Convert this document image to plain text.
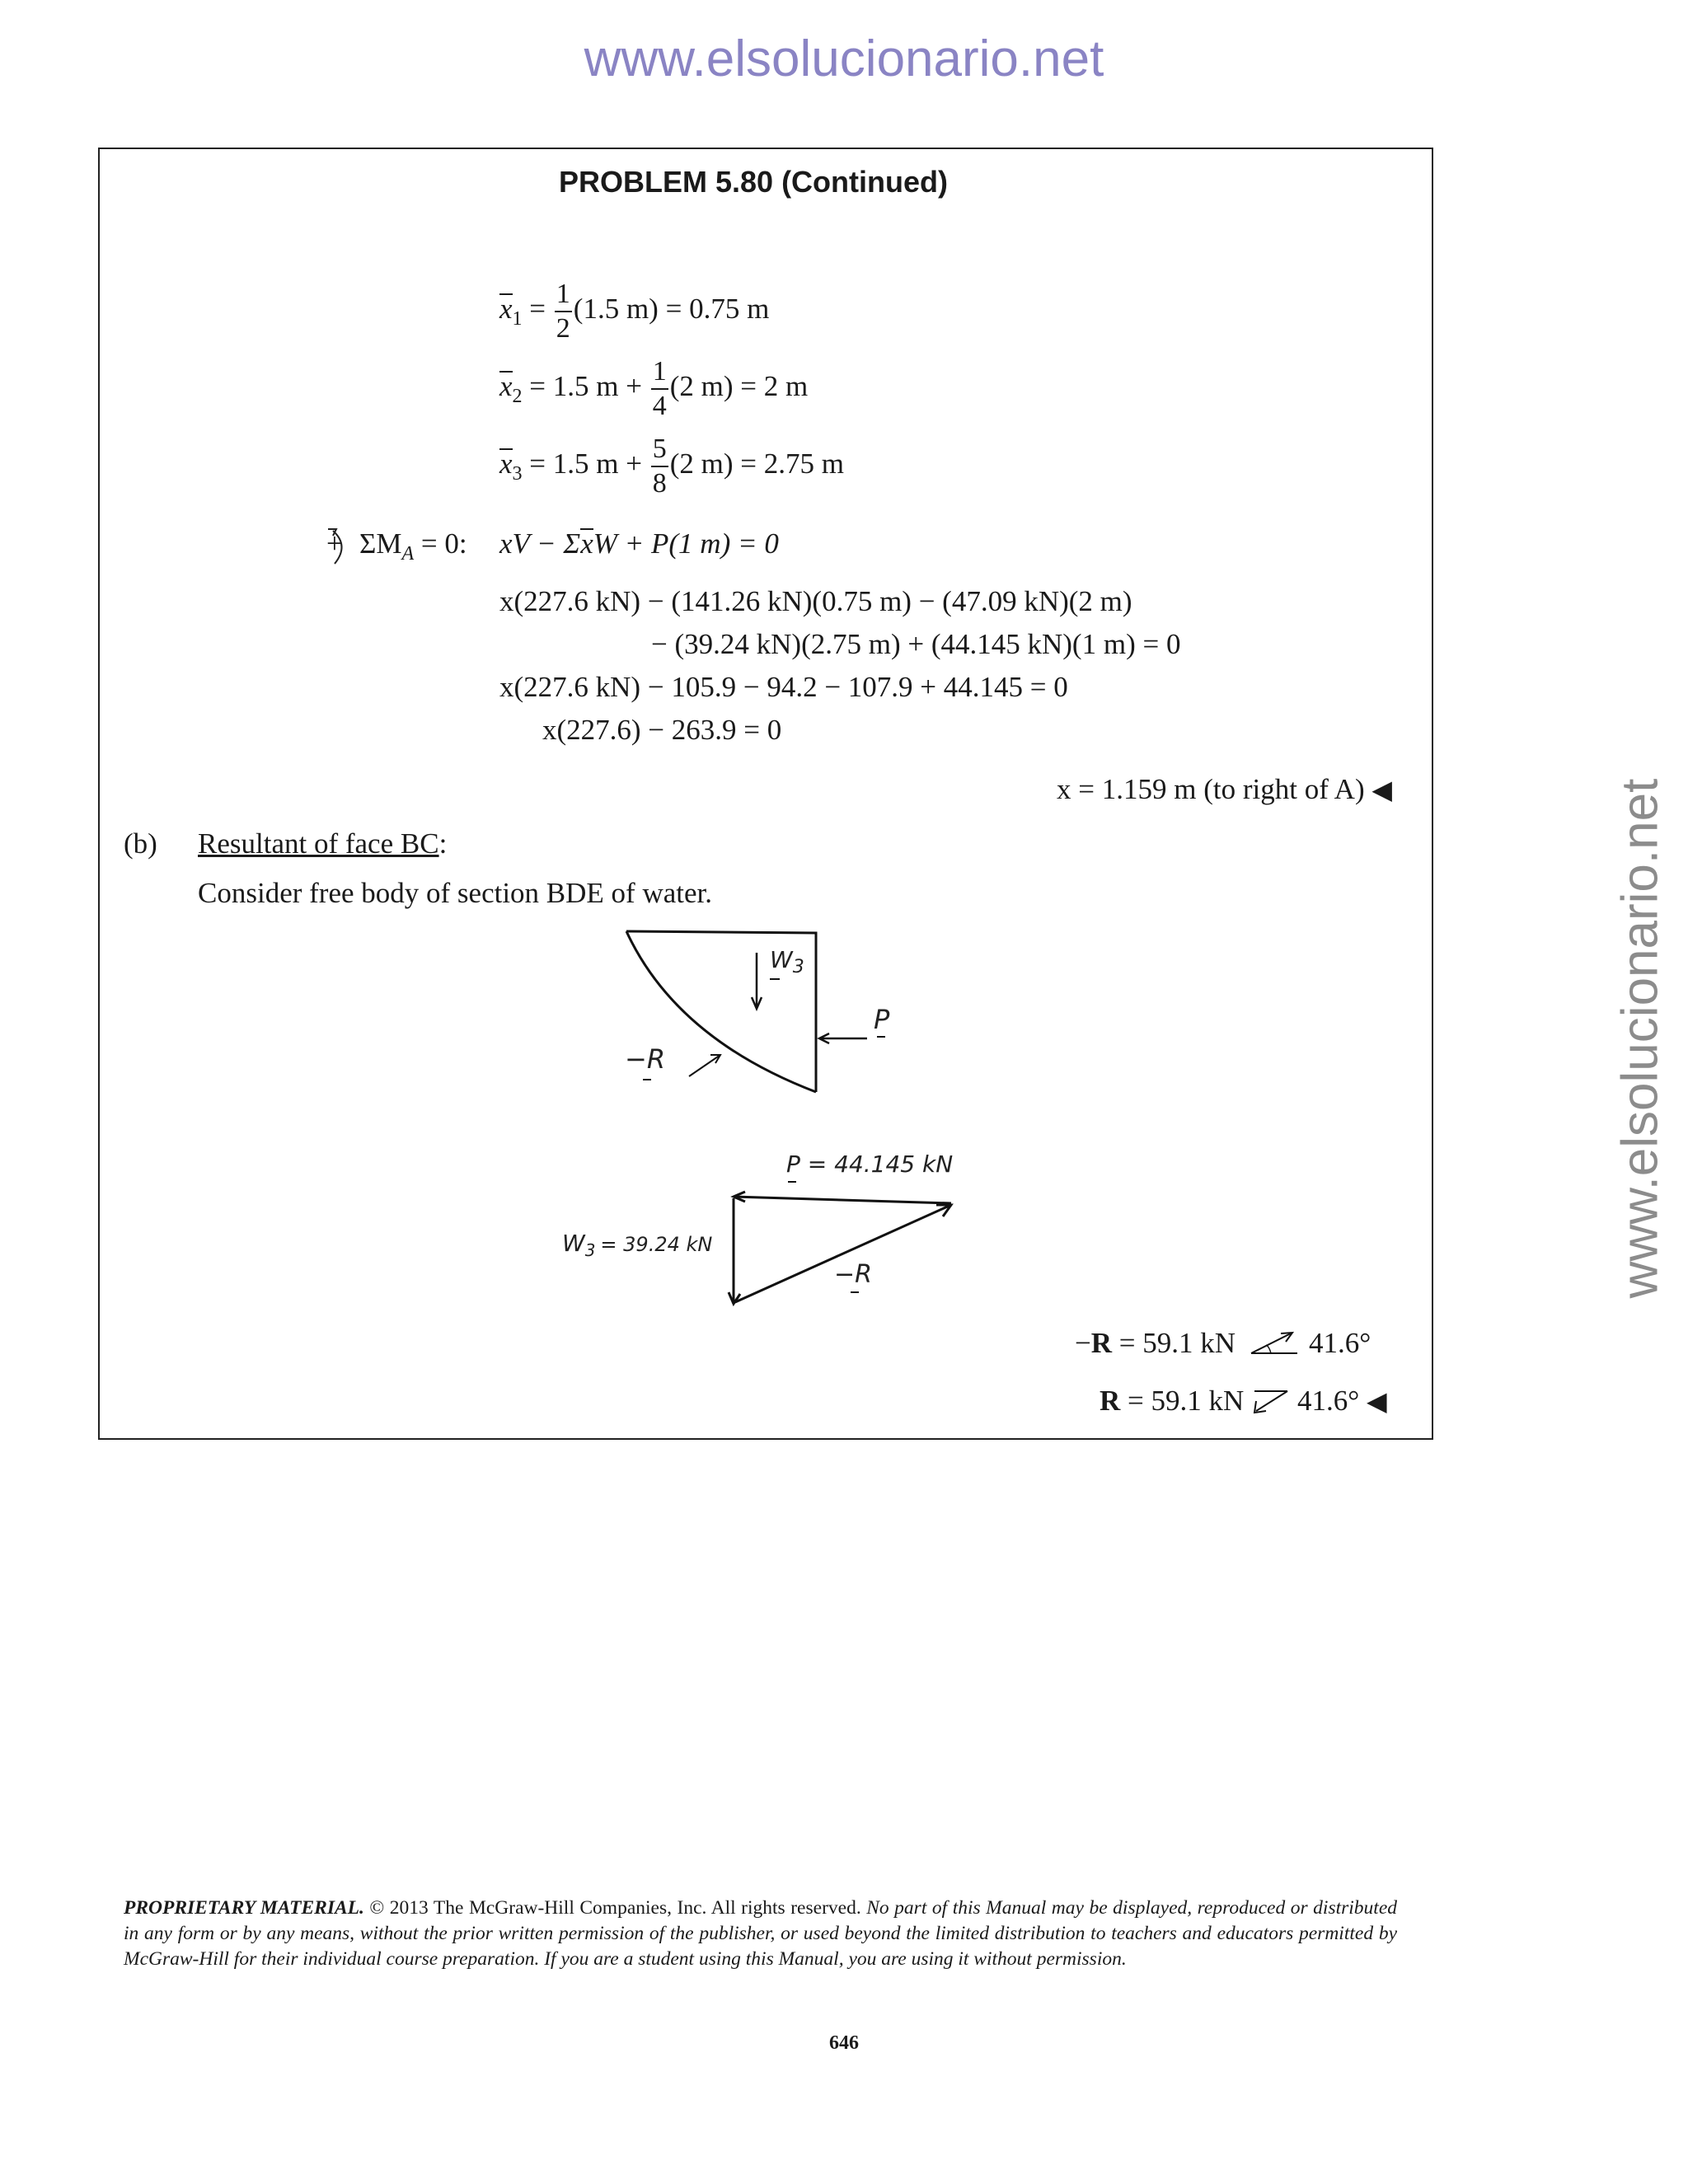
www.elsolucionario.net
www.elsolucionario.net
PROBLEM 5.80 (Continued)
$x_1 = \frac{1}{2} (1.5$ m) = 0.75 m
$x_2 = 1.5$ $m + \frac{1}{4} (2$ m) = 2 m
$x_3 = 1.5$ $m + \frac{5}{8} (2$ m) = 2.75 m
+ $\Sigma M_A = 0$: xV − ΣxW + P(1 m) = 0
x(227.6 kN) − (141.26 kN)(0.75 m) − (47.09 kN)(2 m)
− (39.24 kN)(2.75 m) + (44.145 kN)(1 m) = 0
x(227.6 kN) − 105.9 − 94.2 − 107.9 + 44.145 = 0
x(227.6) − 263.9 = 0
x = 1.159 m (to right of A) ◀
(b) Resultant of face BC:
Consider free body of section BDE of water.
$W_3$
P
−R
P = 44.145 kN
$W_3 = 39.24$ kN
−R
−R = 59.1 kN	41.6°
R = 59.1 kN 41.6° ◀
PROPRIETARY MATERIAL. © 2013 The McGraw-Hill Companies, Inc. All rights reserved. No part of this Manual may be displayed, reproduced or distributed in any form or by any means, without the prior written permission of the publisher, or used beyond the limited distribution to teachers and educators permitted by McGraw-Hill for their individual course preparation. If you are a student using this Manual, you are using it without permission.
646
